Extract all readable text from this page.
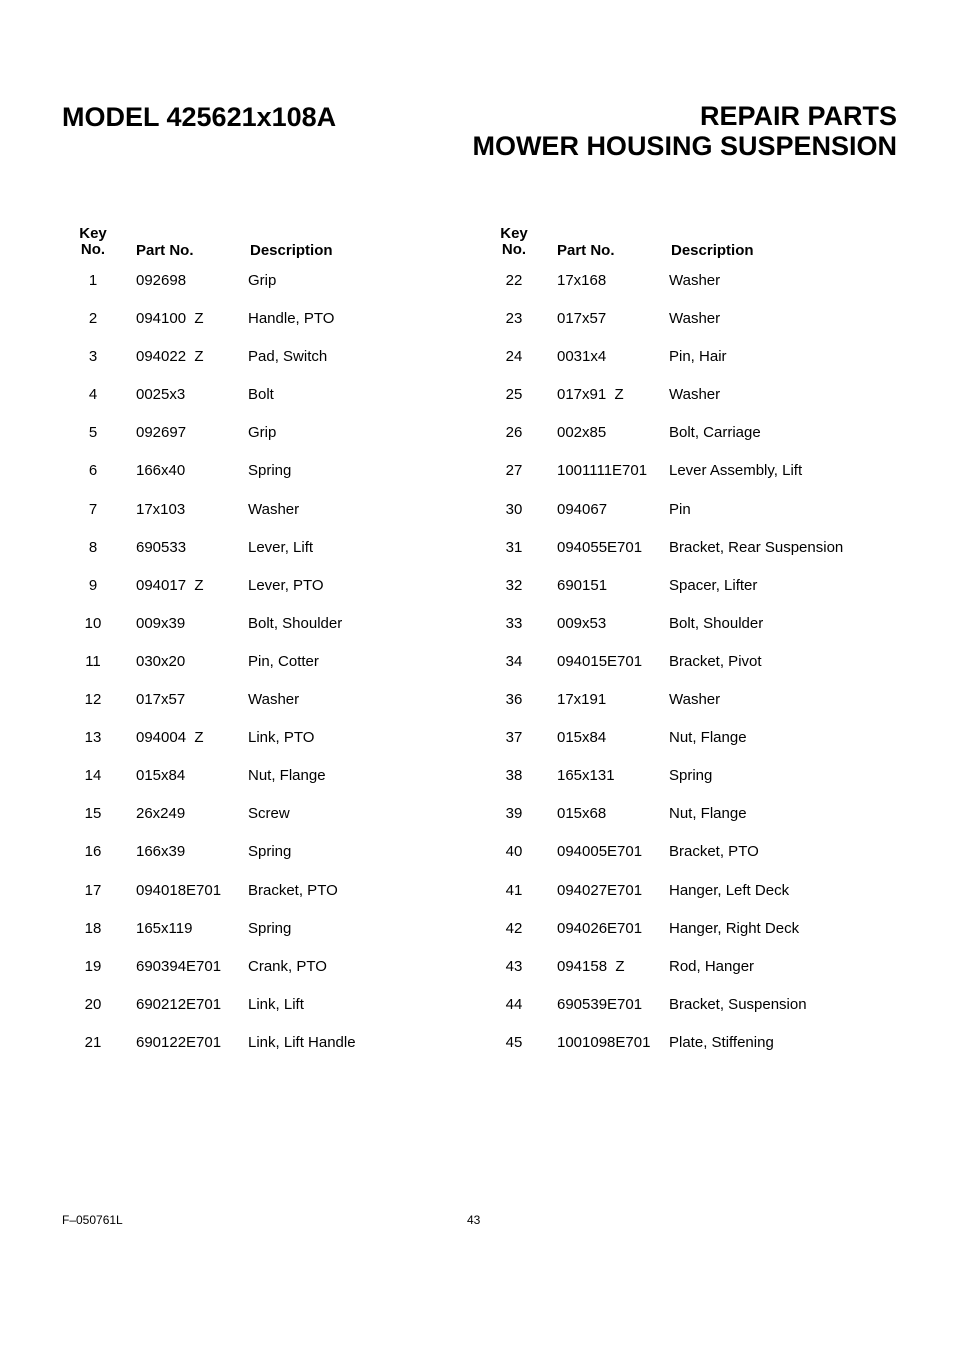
MODEL 425621x108A	REPAIR PARTS
MOWER HOUSING SUSPENSION
Key
No.	Part No.	Description
1	092698	Grip
2	094100  Z	Handle, PTO
3	094022  Z	Pad, Switch
4	0025x3	Bolt
5	092697	Grip
6	166x40	Spring
7	17x103	Washer
8	690533	Lever, Lift
9	094017  Z	Lever, PTO
10	009x39	Bolt, Shoulder
11	030x20	Pin, Cotter
12	017x57	Washer
13	094004  Z	Link, PTO
14	015x84	Nut, Flange
15	26x249	Screw
16	166x39	Spring
17	094018E701 Bracket, PTO
18	165x119	Spring
19	690394E701 Crank, PTO
20	690212E701 Link, Lift
21	690122E701 Link, Lift Handle
Key
No.	Part No.	Description
22	17x168	Washer
23	017x57	Washer
24	0031x4	Pin, Hair
25	017x91  Z	Washer
26	002x85	Bolt, Carriage
27	1001111E701 Lever Assembly, Lift
30	094067	Pin
31	094055E701 Bracket, Rear Suspension
32	690151	Spacer, Lifter
33	009x53	Bolt, Shoulder
34	094015E701 Bracket, Pivot
36	17x191	Washer
37	015x84	Nut, Flange
38	165x131	Spring
39	015x68	Nut, Flange
40	094005E701 Bracket, PTO
41	094027E701 Hanger, Left Deck
42	094026E701 Hanger, Right Deck
43	094158  Z	Rod, Hanger
44	690539E701 Bracket, Suspension
45	1001098E701 Plate, Stiffening
F–050761L	43
